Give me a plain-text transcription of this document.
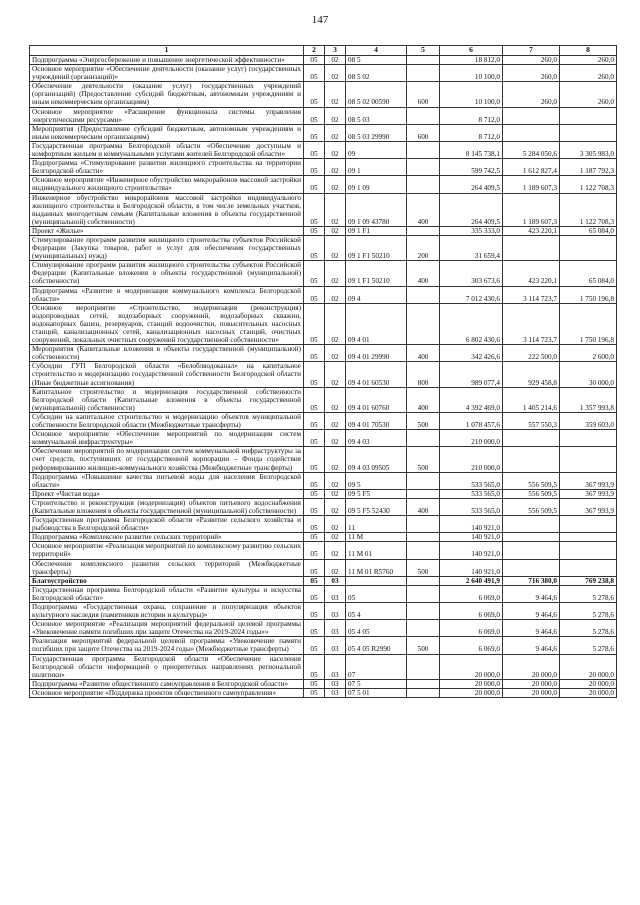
147
1	2	3	4	5	6	7	8
Подпрограмма «Энергосбережение и повышение энергетической эффективности»	05	02	08 5		18 812,0	260,0	260,0
Основное мероприятие «Обеспечение деятельности (оказание услуг) государственных учреждений (организаций)»	05	02	08 5 02		10 100,0	260,0	260,0
Обеспечение деятельности (оказание услуг) государственных учреждений (организаций) (Предоставление субсидий бюджетным, автономным учреждениям и иным некоммерческим организациям)	05	02	08 5 02 00590	600	10 100,0	260,0	260,0
Основное мероприятие «Расширение функционала системы управления энергетическими ресурсами»	05	02	08 5 03		8 712,0		
Мероприятия (Предоставление субсидий бюджетным, автономным учреждениям и иным некоммерческим организациям)	05	02	08 5 03 29990	600	8 712,0		
Государственная программа Белгородской области «Обеспечение доступным и комфортным жильем и коммунальными услугами жителей Белгородской области»	05	02	09		8 145 738,1	5 284 050,6	3 305 983,0
Подпрограмма «Стимулирование развития жилищного строительства на территории Белгородской области»	05	02	09 1		599 742,5	1 612 827,4	1 187 792,3
Основное мероприятие «Инженерное обустройство микрорайонов массовой застройки индивидуального жилищного строительства»	05	02	09 1 09		264 409,5	1 189 607,3	1 122 708,3
Инженерное обустройство микрорайонов массовой застройки индивидуального жилищного строительства в Белгородской области, в том числе земельных участков, выданных многодетным семьям (Капитальные вложения в объекты государственной (муниципальной) собственности)	05	02	09 1 09 43780	400	264 409,5	1 189 607,3	1 122 708,3
Проект «Жилье»	05	02	09 1 F1		335 333,0	423 220,1	65 084,0
Стимулирование программ развития жилищного строительства субъектов Российской Федерации (Закупка товаров, работ и услуг для обеспечения государственных (муниципальных) нужд)	05	02	09 1 F1 50210	200	31 659,4		
Стимулирование программ развития жилищного строительства субъектов Российской Федерации (Капитальные вложения в объекты государственной (муниципальной) собственности)	05	02	09 1 F1 50210	400	303 673,6	423 220,1	65 084,0
Подпрограмма «Развитие и модернизация коммунального комплекса Белгородской области»	05	02	09 4		7 012 430,6	3 114 723,7	1 750 196,8
Основное мероприятие «Строительство, модернизация (реконструкция) водопроводных сетей, водозаборных сооружений, водозаборных скважин, водонапорных башен, резервуаров, станций водоочистки, повысительных насосных станций, канализационных сетей, канализационных насосных станций, очистных сооружений, локальных очистных сооружений государственной собственности»	05	02	09 4 01		6 802 430,6	3 114 723,7	1 750 196,8
Мероприятия (Капитальные вложения в объекты государственной (муниципальной) собственности)	05	02	09 4 01 29990	400	342 426,6	222 500,0	2 600,0
Субсидии ГУП Белгородской области «Белоблводоканал» на капитальное строительство и модернизацию государственной собственности Белгородской области (Иные бюджетные ассигнования)	05	02	09 4 01 60530	800	989 077,4	929 458,8	30 000,0
Капитальное строительство и модернизация государственной собственности Белгородской области (Капитальные вложения в объекты государственной (муниципальной) собственности)	05	02	09 4 01 60760	400	4 392 469,0	1 405 214,6	1 357 993,8
Субсидии на капитальное строительство и модернизацию объектов муниципальной собственности Белгородской области (Межбюджетные трансферты)	05	02	09 4 01 70530	500	1 078 457,6	557 550,3	359 603,0
Основное мероприятие «Обеспечение мероприятий по модернизации систем коммунальной инфраструктуры»	05	02	09 4 03		210 000,0		
Обеспечение мероприятий по модернизации систем коммунальной инфраструктуры за счет средств, поступивших от государственной корпорации – Фонда содействия реформированию жилищно-коммунального хозяйства (Межбюджетные трансферты)	05	02	09 4 03 09505	500	210 000,0		
Подпрограмма «Повышение качества питьевой воды для населения Белгородской области»	05	02	09 5		533 565,0	556 509,5	367 993,9
Проект «Чистая вода»	05	02	09 5 F5		533 565,0	556 509,5	367 993,9
Строительство и реконструкция (модернизация) объектов питьевого водоснабжения (Капитальные вложения в объекты государственной (муниципальной) собственности)	05	02	09 5 F5 52430	400	533 565,0	556 509,5	367 993,9
Государственная программа Белгородской области «Развитие сельского хозяйства и рыбоводства в Белгородской области»	05	02	11		140 921,0		
Подпрограмма «Комплексное развитие сельских территорий»	05	02	11 M		140 921,0		
Основное мероприятие «Реализация мероприятий по комплексному развитию сельских территорий»	05	02	11 M 01		140 921,0		
Обеспечение комплексного развития сельских территорий (Межбюджетные трансферты)	05	02	11 M 01 R5760	500	140 921,0		
Благоустройство	05	03			2 640 491,9	716 380,0	769 238,8
Государственная программа Белгородской области «Развитие культуры и искусства Белгородской области»	05	03	05		6 069,0	9 464,6	5 278,6
Подпрограмма «Государственная охрана, сохранение и популяризация объектов культурного наследия (памятников истории и культуры)»	05	03	05 4		6 069,0	9 464,6	5 278,6
Основное мероприятие «Реализация мероприятий федеральной целевой программы «Увековечение памяти погибших при защите Отечества на 2019-2024 годы»»	05	03	05 4 05		6 069,0	9 464,6	5 278,6
Реализация мероприятий федеральной целевой программы «Увековечение памяти погибших при защите Отечества на 2019-2024 годы» (Межбюджетные трансферты)	05	03	05 4 05 R2990	500	6 069,0	9 464,6	5 278,6
Государственная программа Белгородской области «Обеспечение населения Белгородской области информацией о приоритетных направлениях региональной политики»	05	03	07		20 000,0	20 000,0	20 000,0
Подпрограмма «Развитие общественного самоуправления в Белгородской области»	05	03	07 5		20 000,0	20 000,0	20 000,0
Основное мероприятие «Поддержка проектов общественного самоуправления»	05	03	07 5 01		20 000,0	20 000,0	20 000,0
